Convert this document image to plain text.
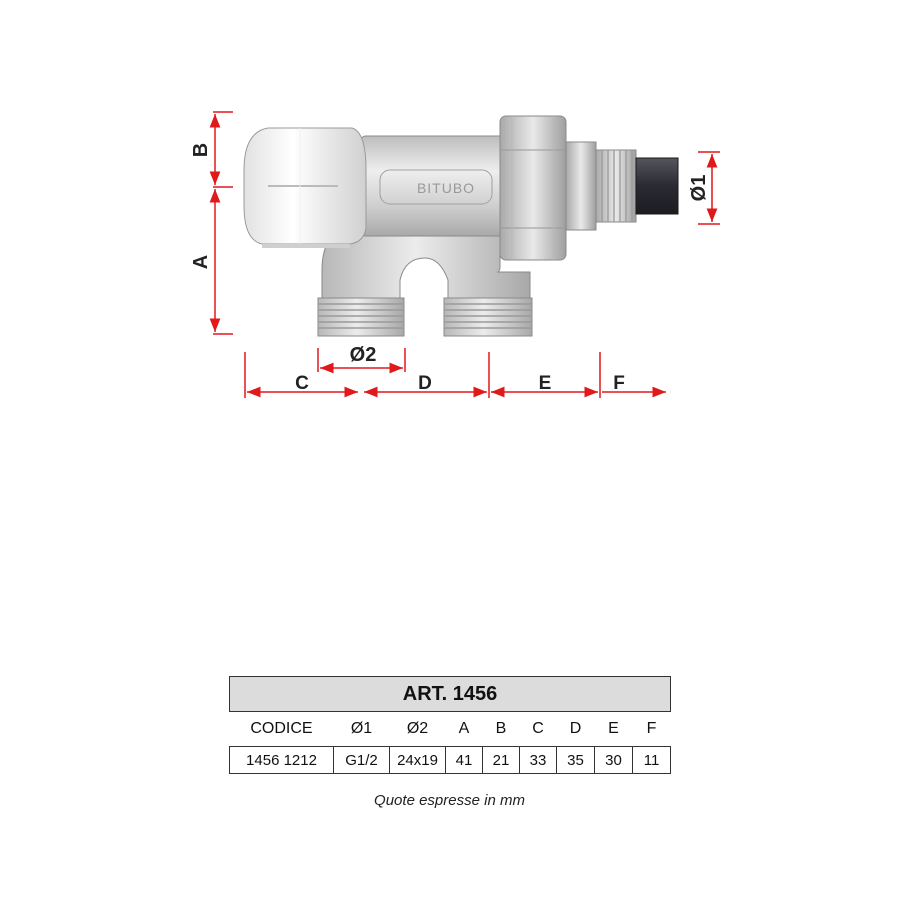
BITUBO
B
A
Ø1
Ø2
C	D	E	F
ART. 1456								
CODICE	Ø1	Ø2	A	B	C	D	E	F
1456 1212	G1/2	24x19	41	21	33	35	30	11
Quote espresse in mm
